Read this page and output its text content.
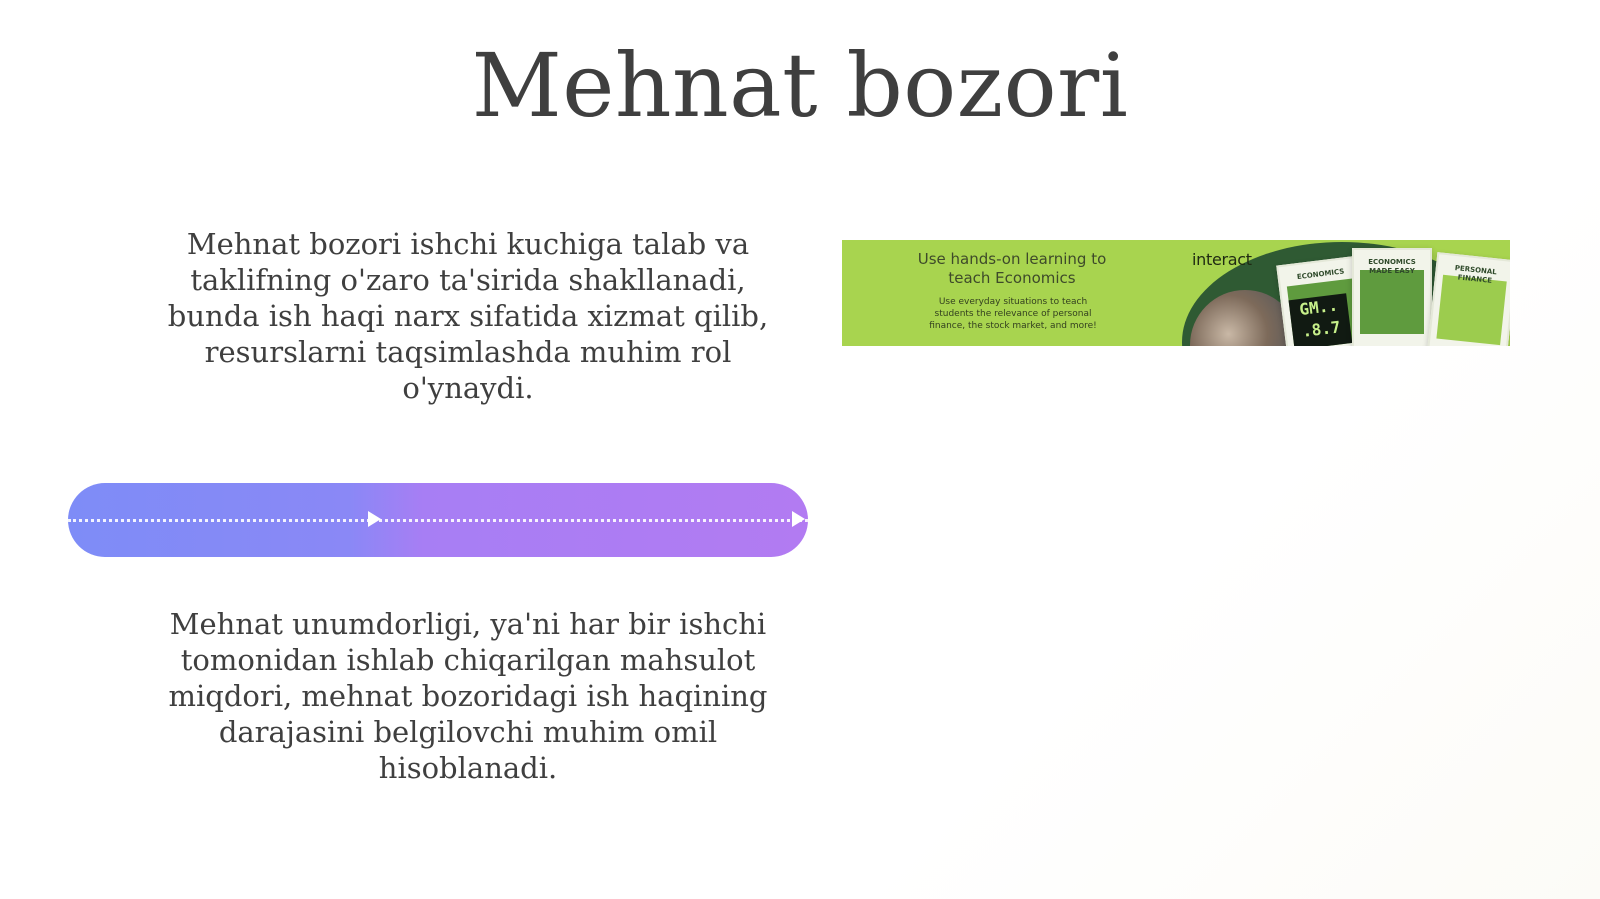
Mehnat bozori

Mehnat bozori ishchi kuchiga talab va taklifning o'zaro ta'sirida shakllanadi, bunda ish haqi narx sifatida xizmat qilib, resurslarni taqsimlashda muhim rol o'ynaydi.

Mehnat unumdorligi, ya'ni har bir ishchi tomonidan ishlab chiqarilgan mahsulot miqdori, mehnat bozoridagi ish haqining darajasini belgilovchi muhim omil hisoblanadi.

Use hands-on learning to teach Economics
Use everyday situations to teach students the relevance of personal finance, the stock market, and more!
interact
ECONOMICS
GM.. .8.7
ECONOMICS MADE EASY	PERSONAL FINANCE
